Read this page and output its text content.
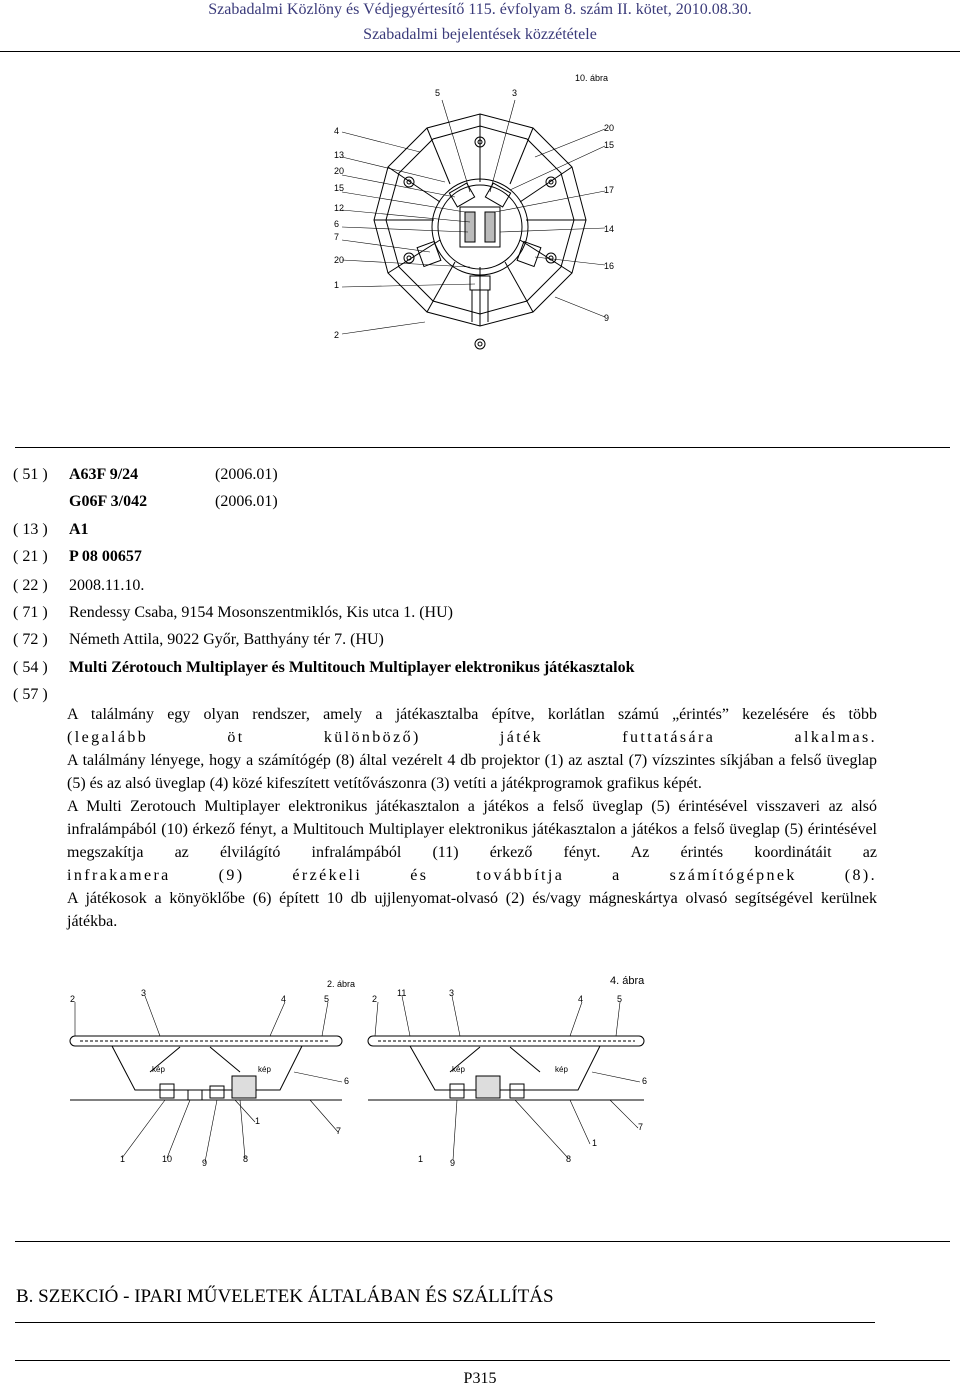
Szabadalmi Közlöny és Védjegyértesítő 115. évfolyam 8. szám II. kötet, 2010.08.30.
Szabadalmi bejelentések közzététele
10. ábra
5	3
4
13
20
15
12
6
7
20
1
2
20
15
17
14
16
9
( 51 )	A63F 9/24	(2006.01)
G06F 3/042	(2006.01)
( 13 )	A1
( 21 )	P 08 00657
( 22 )	2008.11.10.
( 71 )	Rendessy Csaba, 9154 Mosonszentmiklós, Kis utca 1. (HU)
( 72 )	Németh Attila, 9022 Győr, Batthyány tér 7. (HU)
( 54 )	Multi Zérotouch Multiplayer és Multitouch Multiplayer elektronikus játékasztalok
( 57 )

A találmány egy olyan rendszer, amely a játékasztalba építve, korlátlan számú „érintés” kezelésére és több

(legalább öt különböző) játék futtatására alkalmas.

A találmány lényege, hogy a számítógép (8) által vezérelt 4 db projektor (1) az asztal (7) vízszintes síkjában a felső üveglap (5) és az alsó üveglap (4) közé kifeszített vetítővászonra (3) vetíti a játékprogramok grafikus képét.

A Multi Zerotouch Multiplayer elektronikus játékasztalon a játékos a felső üveglap (5) érintésével visszaveri az alsó infralámpából (10) érkező fényt, a Multitouch Multiplayer elektronikus játékasztalon a játékos a felső üveglap (5) érintésével megszakítja az élvilágító infralámpából (11) érkező fényt. Az érintés koordinátáit az

infrakamera (9) érzékeli és továbbítja a számítógépnek (8).

A játékosok a könyöklőbe (6) épített 10 db ujjlenyomat-olvasó (2) és/vagy mágneskártya olvasó segítségével kerülnek játékba.

2. ábra	4. ábra
2
3
4	5	2
11	3
4	5
6
7
1
6
7
1
1	10	9	8	1	9	8
kép	kép	kép	kép
B. SZEKCIÓ - IPARI MŰVELETEK ÁLTALÁBAN ÉS SZÁLLÍTÁS
P315
